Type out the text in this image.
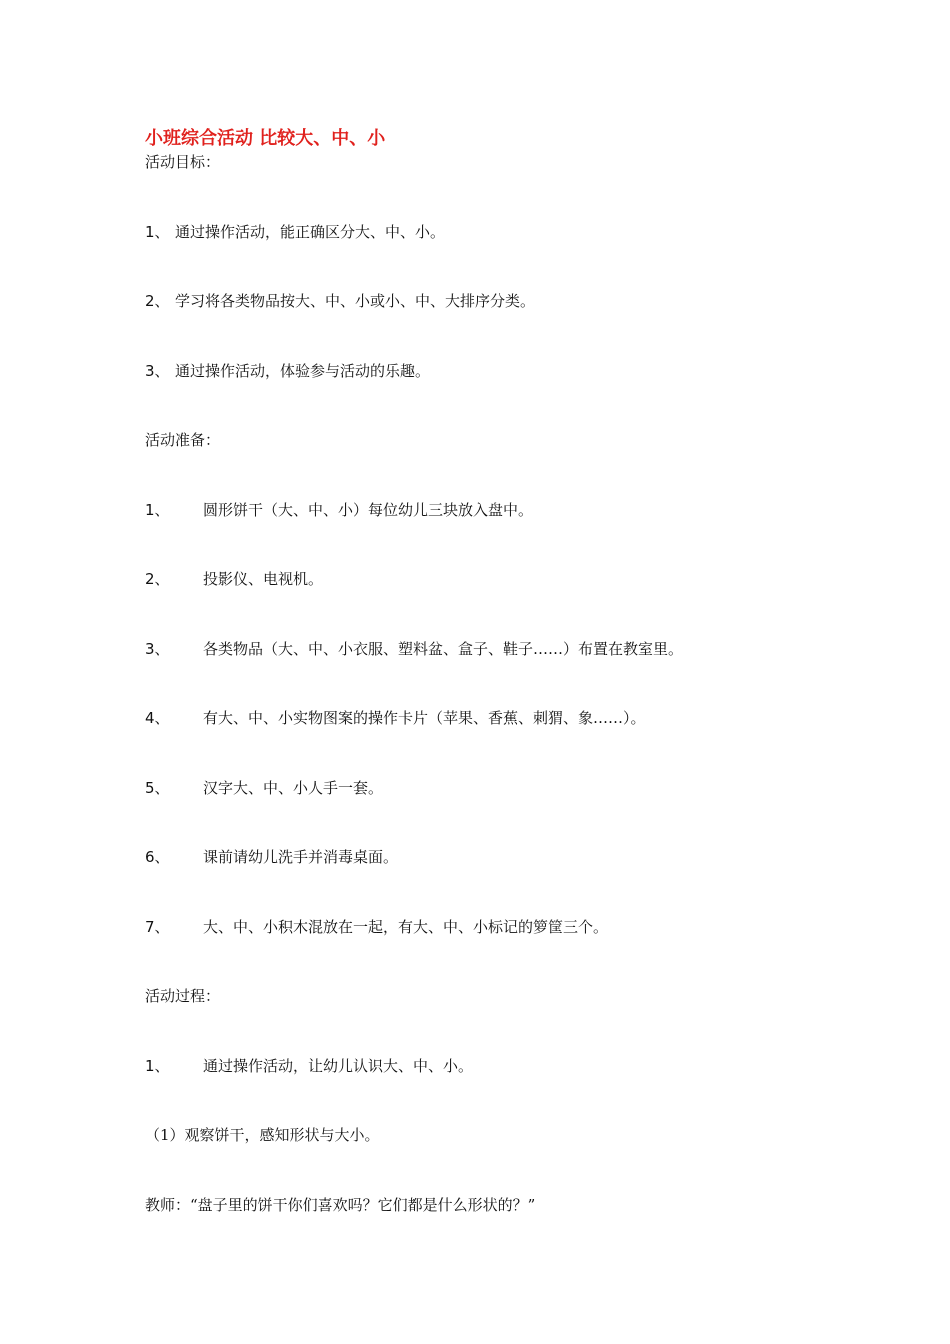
小班综合活动 比较大、中、小
活动目标：
1、 通过操作活动，能正确区分大、中、小。
2、 学习将各类物品按大、中、小或小、中、大排序分类。
3、 通过操作活动，体验参与活动的乐趣。
活动准备：
1、 圆形饼干（大、中、小）每位幼儿三块放入盘中。
2、 投影仪、电视机。
3、 各类物品（大、中、小衣服、塑料盆、盒子、鞋子……）布置在教室里。
4、 有大、中、小实物图案的操作卡片（苹果、香蕉、刺猬、象……）。
5、 汉字大、中、小人手一套。
6、 课前请幼儿洗手并消毒桌面。
7、 大、中、小积木混放在一起，有大、中、小标记的箩筐三个。
活动过程：
1、 通过操作活动，让幼儿认识大、中、小。
（1）观察饼干，感知形状与大小。
教师：“盘子里的饼干你们喜欢吗？它们都是什么形状的？”
